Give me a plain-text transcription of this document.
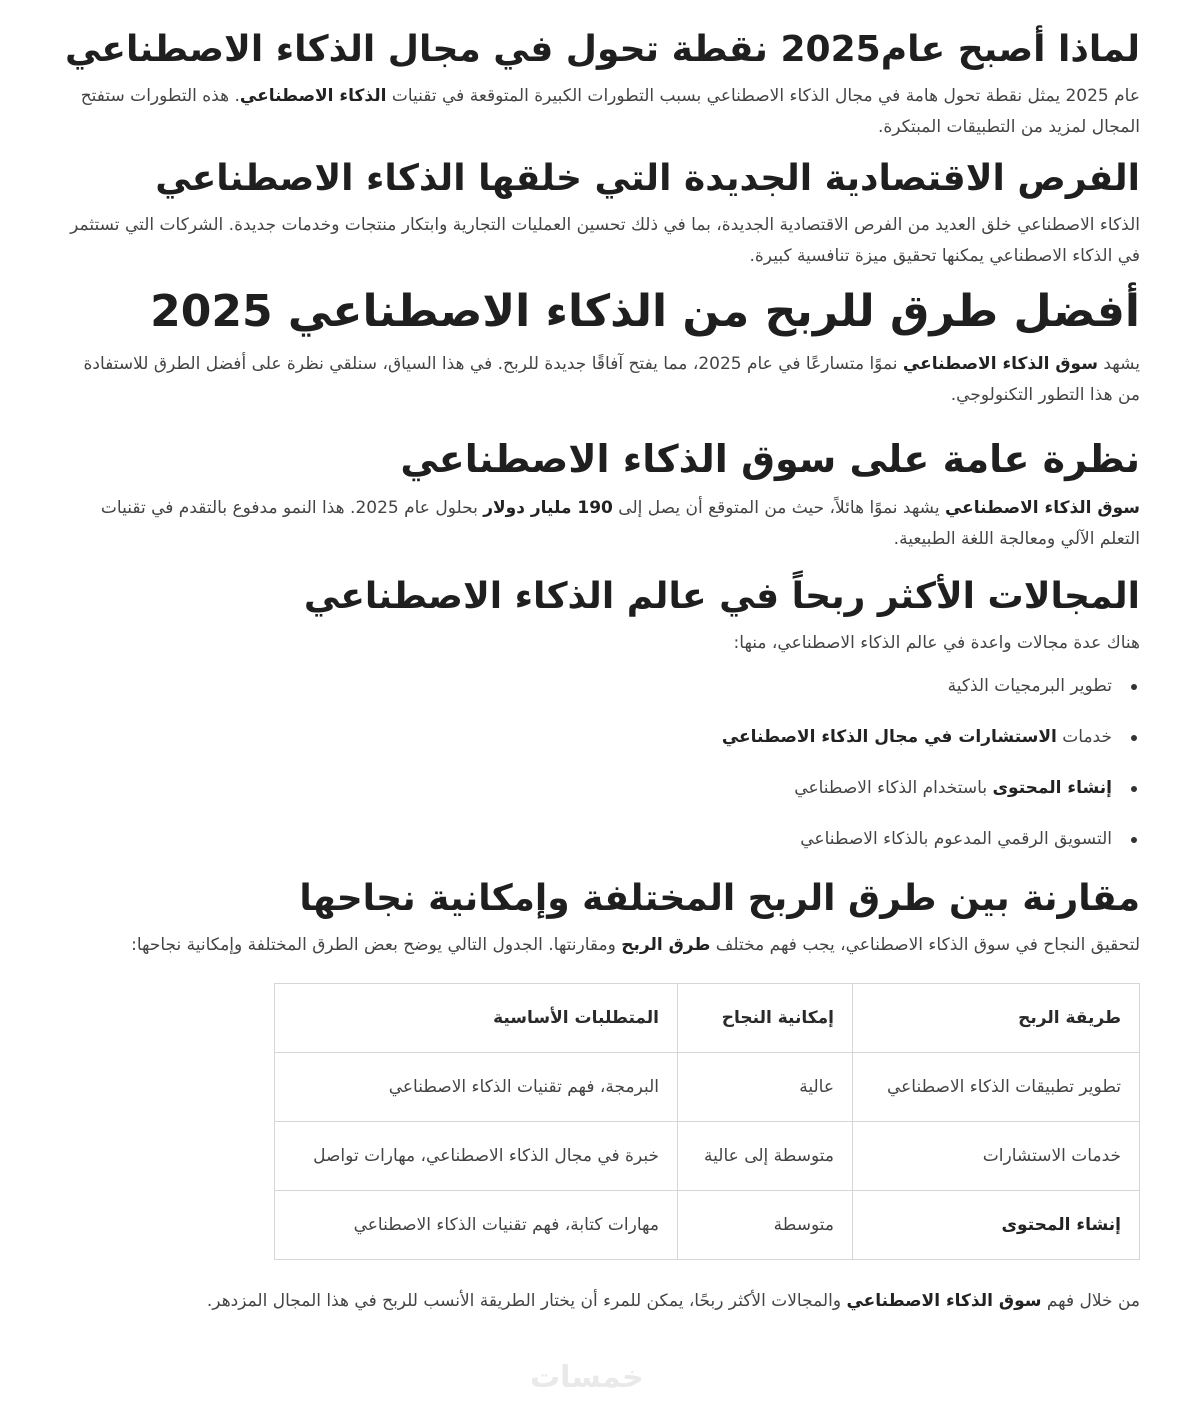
لماذا أصبح عام2025 نقطة تحول في مجال الذكاء الاصطناعي

عام 2025 يمثل نقطة تحول هامة في مجال الذكاء الاصطناعي بسبب التطورات الكبيرة المتوقعة في تقنيات الذكاء الاصطناعي. هذه التطورات ستفتح المجال لمزيد من التطبيقات المبتكرة.

الفرص الاقتصادية الجديدة التي خلقها الذكاء الاصطناعي

الذكاء الاصطناعي خلق العديد من الفرص الاقتصادية الجديدة، بما في ذلك تحسين العمليات التجارية وابتكار منتجات وخدمات جديدة. الشركات التي تستثمر في الذكاء الاصطناعي يمكنها تحقيق ميزة تنافسية كبيرة.

أفضل طرق للربح من الذكاء الاصطناعي 2025

يشهد سوق الذكاء الاصطناعي نموًا متسارعًا في عام 2025، مما يفتح آفاقًا جديدة للربح. في هذا السياق، سنلقي نظرة على أفضل الطرق للاستفادة من هذا التطور التكنولوجي.

نظرة عامة على سوق الذكاء الاصطناعي

سوق الذكاء الاصطناعي يشهد نموًا هائلاً، حيث من المتوقع أن يصل إلى 190 مليار دولار بحلول عام 2025. هذا النمو مدفوع بالتقدم في تقنيات التعلم الآلي ومعالجة اللغة الطبيعية.

المجالات الأكثر ربحاً في عالم الذكاء الاصطناعي

هناك عدة مجالات واعدة في عالم الذكاء الاصطناعي، منها:

تطوير البرمجيات الذكية
خدمات الاستشارات في مجال الذكاء الاصطناعي
إنشاء المحتوى باستخدام الذكاء الاصطناعي
التسويق الرقمي المدعوم بالذكاء الاصطناعي
مقارنة بين طرق الربح المختلفة وإمكانية نجاحها

لتحقيق النجاح في سوق الذكاء الاصطناعي، يجب فهم مختلف طرق الربح ومقارنتها. الجدول التالي يوضح بعض الطرق المختلفة وإمكانية نجاحها:

طريقة الربح	إمكانية النجاح	المتطلبات الأساسية
تطوير تطبيقات الذكاء الاصطناعي	عالية	البرمجة، فهم تقنيات الذكاء الاصطناعي
خدمات الاستشارات	متوسطة إلى عالية	خبرة في مجال الذكاء الاصطناعي، مهارات تواصل
إنشاء المحتوى	متوسطة	مهارات كتابة، فهم تقنيات الذكاء الاصطناعي

من خلال فهم سوق الذكاء الاصطناعي والمجالات الأكثر ربحًا، يمكن للمرء أن يختار الطريقة الأنسب للربح في هذا المجال المزدهر.

خمسات
